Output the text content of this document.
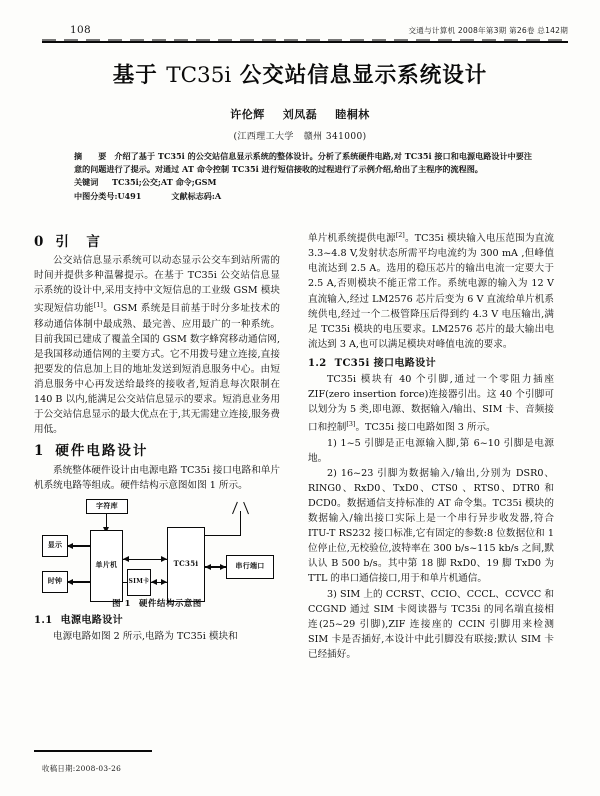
108	交通与计算机 2008年第3期 第26卷 总142期
基于 TC35i 公交站信息显示系统设计
许伦辉 刘凤磊 睦桐林
(江西理工大学 赣州 341000)
摘　要 介绍了基于 TC35i 的公交站信息显示系统的整体设计。分析了系统硬件电路,对 TC35i 接口和电源电路设计中要注意的问题进行了提示。对通过 AT 命令控制 TC35i 进行短信接收的过程进行了示例介绍,给出了主程序的流程图。
关键词 TC35i;公交;AT 命令;GSM
中图分类号:U491	文献标志码:A
0 引　言

公交站信息显示系统可以动态显示公交车到站所需的时间并提供多种温馨提示。在基于 TC35i 公交站信息显示系统的设计中,采用支持中文短信息的工业级 GSM 模块实现短信功能[1]。GSM 系统是目前基于时分多址技术的移动通信体制中最成熟、最完善、应用最广的一种系统。目前我国已建成了覆盖全国的 GSM 数字蜂窝移动通信网,是我国移动通信网的主要方式。它不用拨号建立连接,直接把要发的信息加上目的地址发送到短消息服务中心。由短消息服务中心再发送给最终的接收者,短消息每次限制在 140 B 以内,能满足公交站信息显示的要求。短消息业务用于公交站信息显示的最大优点在于,其无需建立连接,服务费用低。

1 硬件电路设计

系统整体硬件设计由电源电路 TC35i 接口电路和单片机系统电路等组成。硬件结构示意图如图 1 所示。

字符库
单片机
显示
时钟	SIM卡
TC35i	串行端口
图 1 硬件结构示意图
1.1 电源电路设计

电源电路如图 2 所示,电路为 TC35i 模块和

单片机系统提供电源[2]。TC35i 模块输入电压范围为直流 3.3~4.8 V,发射状态所需平均电流约为 300 mA ,但峰值电流达到 2.5 A。选用的稳压芯片的输出电流一定要大于 2.5 A,否则模块不能正常工作。系统电源的输入为 12 V 直流输入,经过 LM2576 芯片后变为 6 V 直流给单片机系统供电,经过一个二极管降压后得到约 4.3 V 电压输出,满足 TC35i 模块的电压要求。LM2576 芯片的最大输出电流达到 3 A,也可以满足模块对峰值电流的要求。

1.2 TC35i 接口电路设计

TC35i 模块有 40 个引脚,通过一个零阻力插座 ZIF(zero insertion force)连接器引出。这 40 个引脚可以划分为 5 类,即电源、数据输入/输出、SIM 卡、音频接口和控制[3]。TC35i 接口电路如图 3 所示。

1) 1~5 引脚是正电源输入脚,第 6~10 引脚是电源地。

2) 16~23 引脚为数据输入/输出,分别为 DSR0、RING0、RxD0、TxD0、CTS0 、RTS0、DTR0 和 DCD0。数据通信支持标准的 AT 命令集。TC35i 模块的数据输入/输出接口实际上是一个串行异步收发器,符合 ITU-T RS232 接口标准,它有固定的参数:8 位数据位和 1 位停止位,无校验位,波特率在 300 b/s~115 kb/s 之间,默认认 B 500 b/s。其中第 18 脚 RxD0、19 脚 TxD0 为 TTL 的串口通信接口,用于和单片机通信。

3) SIM 上的 CCRST、CCIO、CCCL、CCVCC 和 CCGND 通过 SIM 卡阅读器与 TC35i 的同名端直接相连(25~29 引脚),ZIF 连接座的 CCIN 引脚用来检测 SIM 卡是否插好,本设计中此引脚没有联接;默认 SIM 卡已经插好。

收稿日期:2008-03-26
